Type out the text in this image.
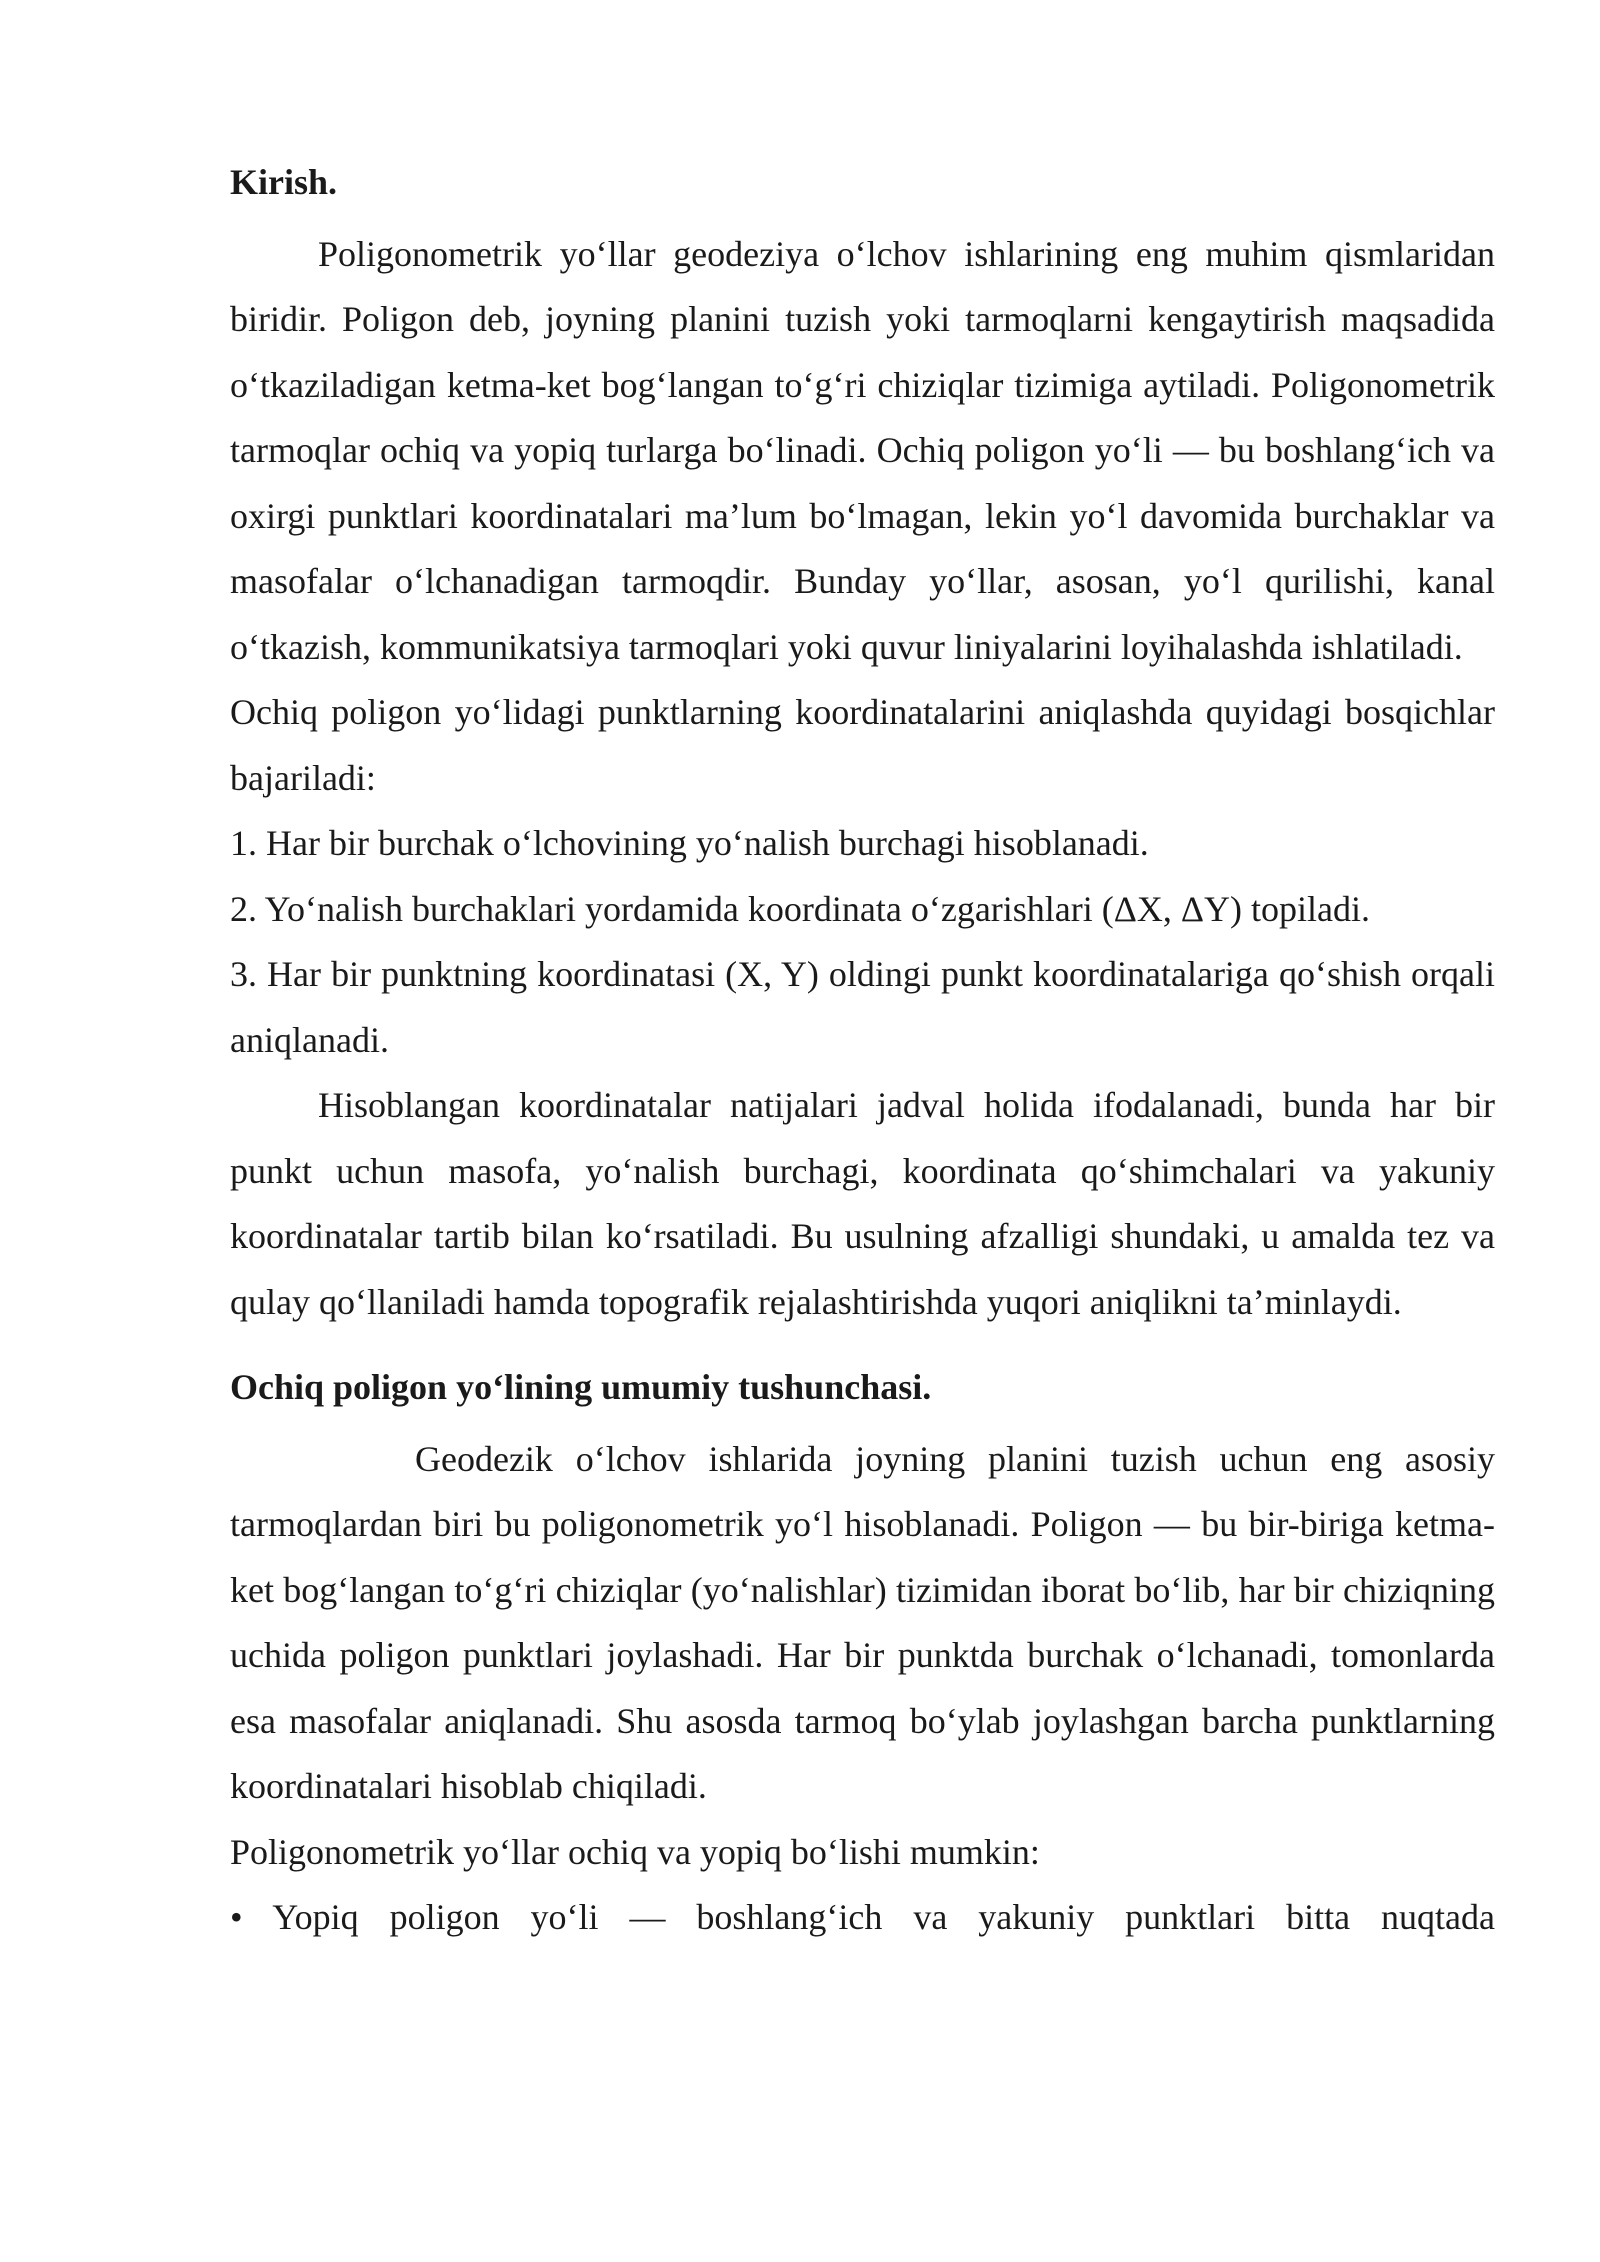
Kirish.

Poligonometrik yo‘llar geodeziya o‘lchov ishlarining eng muhim qismlaridan biridir. Poligon deb, joyning planini tuzish yoki tarmoqlarni kengaytirish maqsadida o‘tkaziladigan ketma-ket bog‘langan to‘g‘ri chiziqlar tizimiga aytiladi. Poligonometrik tarmoqlar ochiq va yopiq turlarga bo‘linadi. Ochiq poligon yo‘li — bu boshlang‘ich va oxirgi punktlari koordinatalari ma’lum bo‘lmagan, lekin yo‘l davomida burchaklar va masofalar o‘lchanadigan tarmoqdir. Bunday yo‘llar, asosan, yo‘l qurilishi, kanal o‘tkazish, kommunikatsiya tarmoqlari yoki quvur liniyalarini loyihalashda ishlatiladi.

Ochiq poligon yo‘lidagi punktlarning koordinatalarini aniqlashda quyidagi bosqichlar bajariladi:

1. Har bir burchak o‘lchovining yo‘nalish burchagi hisoblanadi.

2. Yo‘nalish burchaklari yordamida koordinata o‘zgarishlari (ΔX, ΔY) topiladi.

3. Har bir punktning koordinatasi (X, Y) oldingi punkt koordinatalariga qo‘shish orqali aniqlanadi.

Hisoblangan koordinatalar natijalari jadval holida ifodalanadi, bunda har bir punkt uchun masofa, yo‘nalish burchagi, koordinata qo‘shimchalari va yakuniy koordinatalar tartib bilan ko‘rsatiladi. Bu usulning afzalligi shundaki, u amalda tez va qulay qo‘llaniladi hamda topografik rejalashtirishda yuqori aniqlikni ta’minlaydi.

Ochiq poligon yo‘lining umumiy tushunchasi.

Geodezik o‘lchov ishlarida joyning planini tuzish uchun eng asosiy tarmoqlardan biri bu poligonometrik yo‘l hisoblanadi. Poligon — bu bir-biriga ketma-ket bog‘langan to‘g‘ri chiziqlar (yo‘nalishlar) tizimidan iborat bo‘lib, har bir chiziqning uchida poligon punktlari joylashadi. Har bir punktda burchak o‘lchanadi, tomonlarda esa masofalar aniqlanadi. Shu asosda tarmoq bo‘ylab joylashgan barcha punktlarning koordinatalari hisoblab chiqiladi.

Poligonometrik yo‘llar ochiq va yopiq bo‘lishi mumkin:

• Yopiq poligon yo‘li — boshlang‘ich va yakuniy punktlari bitta nuqtada
